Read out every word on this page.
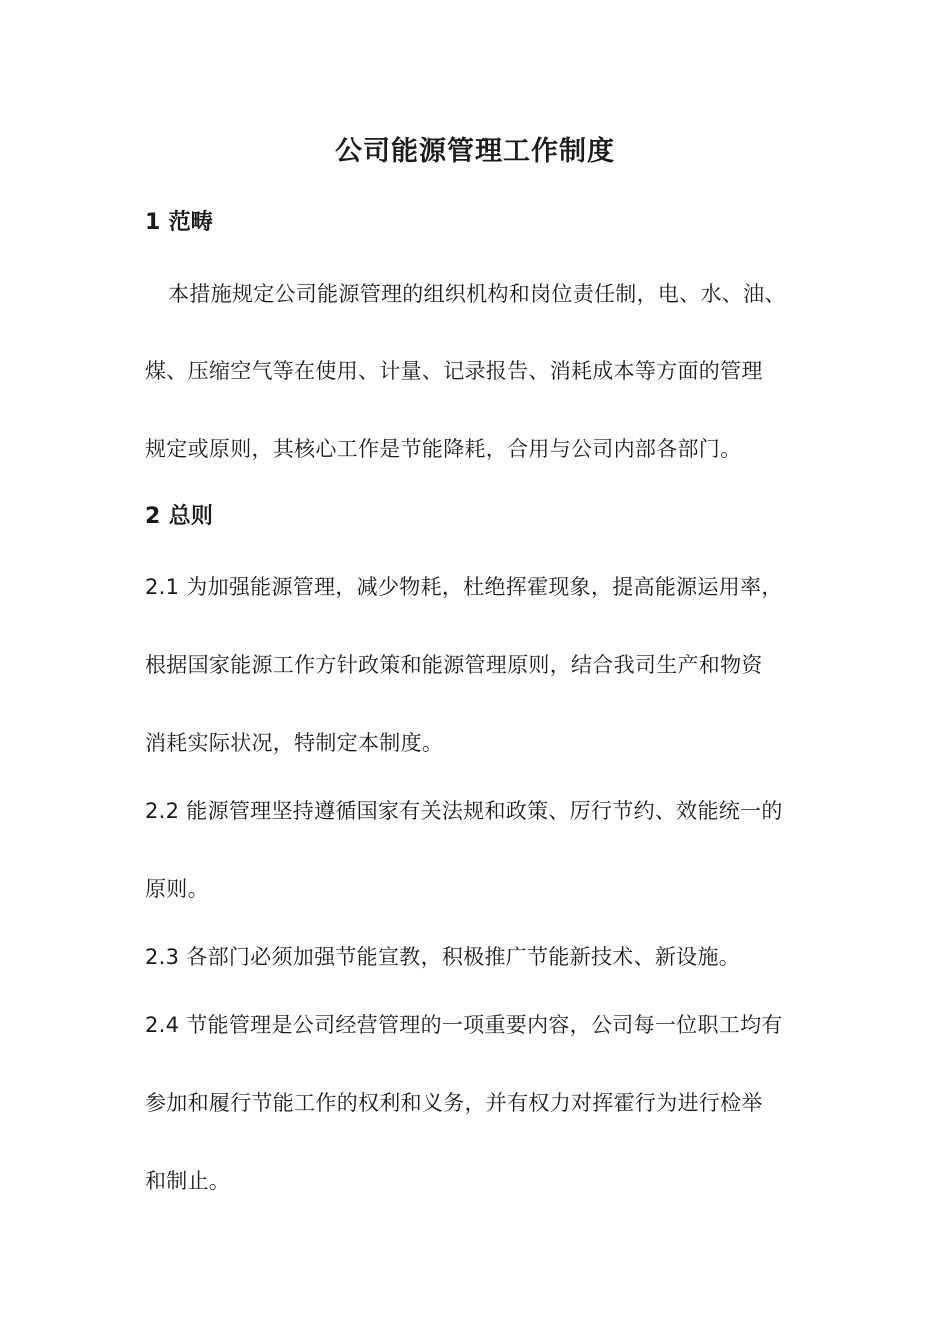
公司能源管理工作制度
1 范畴
本措施规定公司能源管理的组织机构和岗位责任制，电、水、油、
煤、压缩空气等在使用、计量、记录报告、消耗成本等方面的管理
规定或原则，其核心工作是节能降耗，合用与公司内部各部门。
2 总则
2.1 为加强能源管理，减少物耗，杜绝挥霍现象，提高能源运用率，
根据国家能源工作方针政策和能源管理原则，结合我司生产和物资
消耗实际状况，特制定本制度。
2.2 能源管理坚持遵循国家有关法规和政策、厉行节约、效能统一的
原则。
2.3 各部门必须加强节能宣教，积极推广节能新技术、新设施。
2.4 节能管理是公司经营管理的一项重要内容，公司每一位职工均有
参加和履行节能工作的权利和义务，并有权力对挥霍行为进行检举
和制止。
